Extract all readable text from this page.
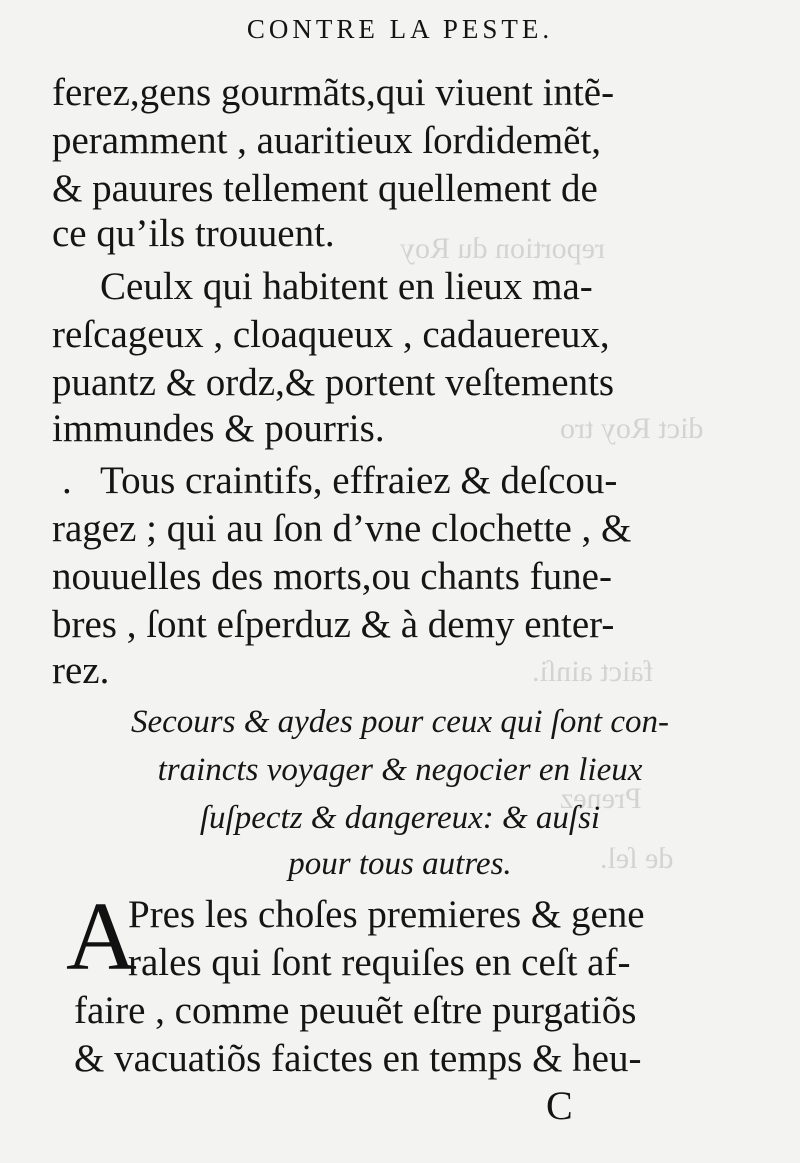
reportion du Roy
dict Roy tro
faict ainſi.
Prenez
de ſel.
CONTRE LA PESTE.
ferez,gens gourmãts,qui viuent intẽ-
peramment , auaritieux ſordidemẽt,
& pauures tellement quellement de
ce qu’ils trouuent.
Ceulx qui habitent en lieux ma-
reſcageux , cloaqueux , cadauereux,
puantz & ordz,& portent veſtements
immundes & pourris.
. Tous craintifs, effraiez & deſcou-
ragez ; qui au ſon d’vne clochette , &
nouuelles des morts,ou chants fune-
bres , ſont eſperduz & à demy enter-
rez.
Secours & aydes pour ceux qui ſont con-
traincts voyager & negocier en lieux
ſuſpectz & dangereux: & auſsi
pour tous autres.
A
Pres les choſes premieres & gene
rales qui ſont requiſes en ceſt af-
faire , comme peuuẽt eſtre purgatiõs
& vacuatiõs faictes en temps & heu-
C
